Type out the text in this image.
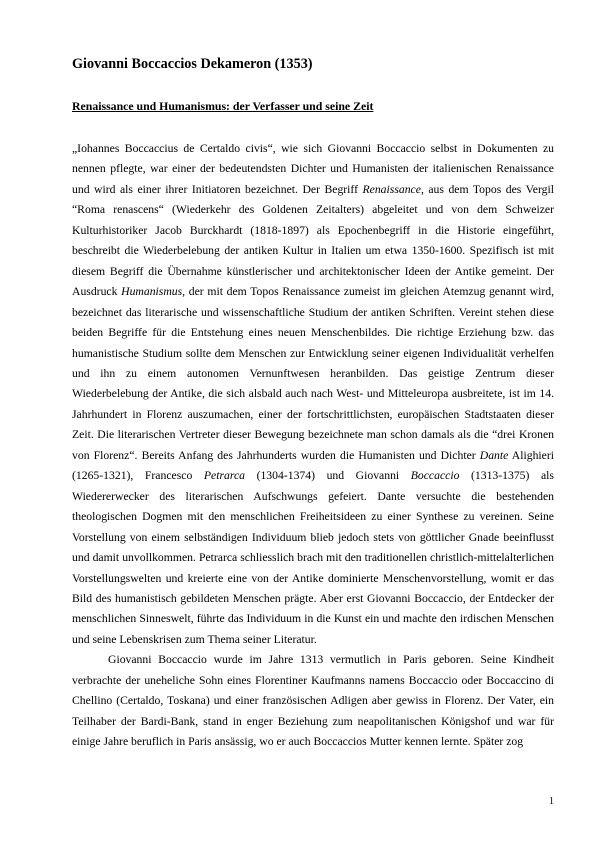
Giovanni Boccaccios Dekameron (1353)
Renaissance und Humanismus: der Verfasser und seine Zeit

„Iohannes Boccaccius de Certaldo civis“, wie sich Giovanni Boccaccio selbst in Dokumenten zu nennen pflegte, war einer der bedeutendsten Dichter und Humanisten der italienischen Renaissance und wird als einer ihrer Initiatoren bezeichnet. Der Begriff Renaissance, aus dem Topos des Vergil “Roma renascens“ (Wiederkehr des Goldenen Zeitalters) abgeleitet und von dem Schweizer Kulturhistoriker Jacob Burckhardt (1818-1897) als Epochenbegriff in die Historie eingeführt, beschreibt die Wiederbelebung der antiken Kultur in Italien um etwa 1350-1600. Spezifisch ist mit diesem Begriff die Übernahme künstlerischer und architektonischer Ideen der Antike gemeint. Der Ausdruck Humanismus, der mit dem Topos Renaissance zumeist im gleichen Atemzug genannt wird, bezeichnet das literarische und wissenschaftliche Studium der antiken Schriften. Vereint stehen diese beiden Begriffe für die Entstehung eines neuen Menschenbildes. Die richtige Erziehung bzw. das humanistische Studium sollte dem Menschen zur Entwicklung seiner eigenen Individualität verhelfen und ihn zu einem autonomen Vernunftwesen heranbilden. Das geistige Zentrum dieser Wiederbelebung der Antike, die sich alsbald auch nach West- und Mitteleuropa ausbreitete, ist im 14. Jahrhundert in Florenz auszumachen, einer der fortschrittlichsten, europäischen Stadtstaaten dieser Zeit. Die literarischen Vertreter dieser Bewegung bezeichnete man schon damals als die “drei Kronen von Florenz“. Bereits Anfang des Jahrhunderts wurden die Humanisten und Dichter Dante Alighieri (1265-1321), Francesco Petrarca (1304-1374) und Giovanni Boccaccio (1313-1375) als Wiedererwecker des literarischen Aufschwungs gefeiert. Dante versuchte die bestehenden theologischen Dogmen mit den menschlichen Freiheitsideen zu einer Synthese zu vereinen. Seine Vorstellung von einem selbständigen Individuum blieb jedoch stets von göttlicher Gnade beeinflusst und damit unvollkommen. Petrarca schliesslich brach mit den traditionellen christlich-mittelalterlichen Vorstellungswelten und kreierte eine von der Antike dominierte Menschenvorstellung, womit er das Bild des humanistisch gebildeten Menschen prägte. Aber erst Giovanni Boccaccio, der Entdecker der menschlichen Sinneswelt, führte das Individuum in die Kunst ein und machte den irdischen Menschen und seine Lebenskrisen zum Thema seiner Literatur.

Giovanni Boccaccio wurde im Jahre 1313 vermutlich in Paris geboren. Seine Kindheit verbrachte der uneheliche Sohn eines Florentiner Kaufmanns namens Boccaccio oder Boccaccino di Chellino (Certaldo, Toskana) und einer französischen Adligen aber gewiss in Florenz. Der Vater, ein Teilhaber der Bardi-Bank, stand in enger Beziehung zum neapolitanischen Königshof und war für einige Jahre beruflich in Paris ansässig, wo er auch Boccaccios Mutter kennen lernte. Später zog

1
